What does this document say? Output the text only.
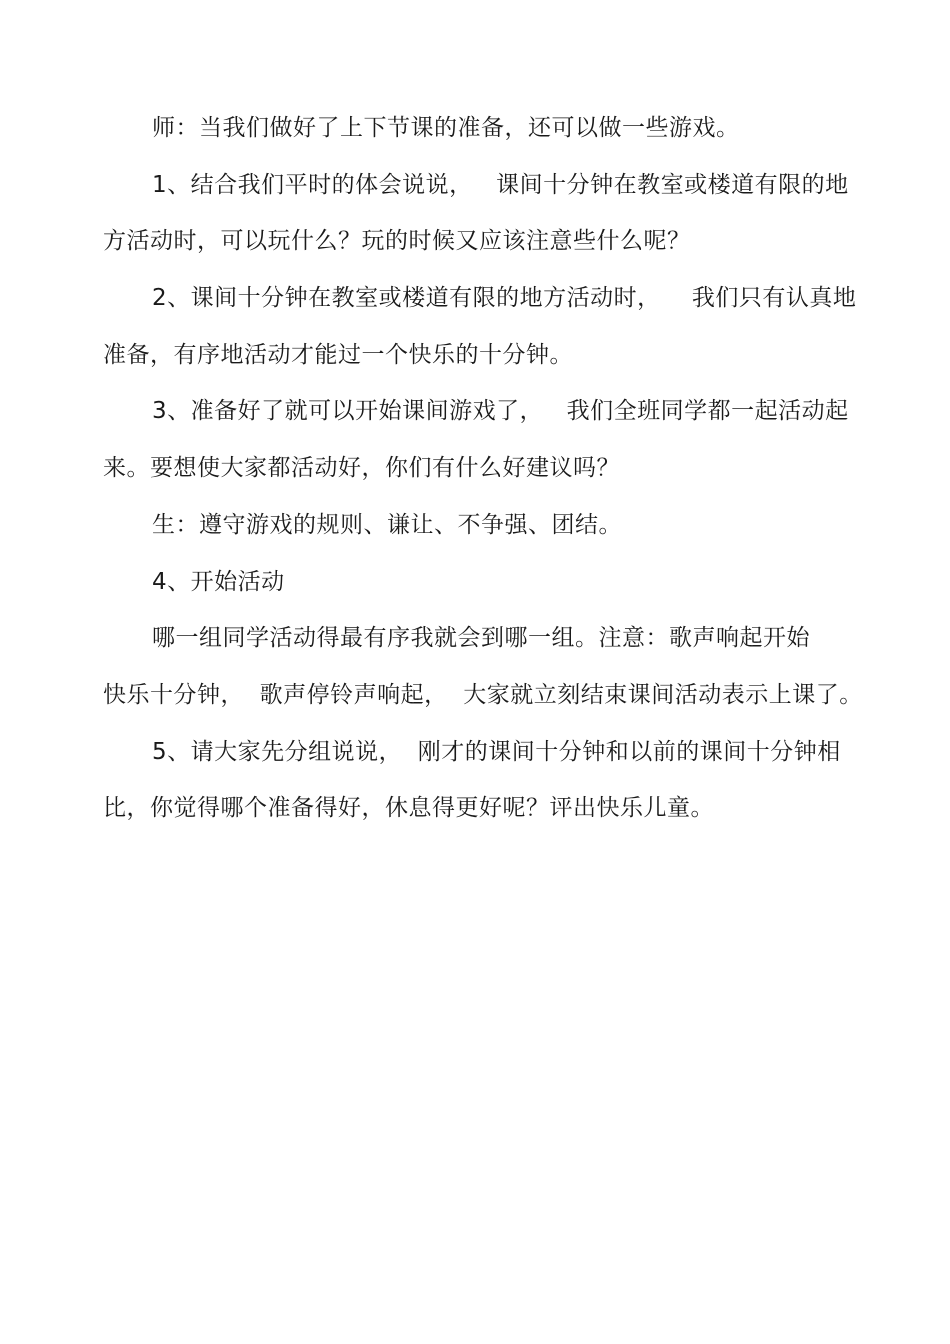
师：当我们做好了上下节课的准备，还可以做一些游戏。
1、结合我们平时的体会说说，   课间十分钟在教室或楼道有限的地
方活动时，可以玩什么？玩的时候又应该注意些什么呢？
2、课间十分钟在教室或楼道有限的地方活动时，    我们只有认真地
准备，有序地活动才能过一个快乐的十分钟。
3、准备好了就可以开始课间游戏了，   我们全班同学都一起活动起
来。要想使大家都活动好，你们有什么好建议吗？
生：遵守游戏的规则、谦让、不争强、团结。
4、开始活动
哪一组同学活动得最有序我就会到哪一组。注意：歌声响起开始
快乐十分钟，  歌声停铃声响起，  大家就立刻结束课间活动表示上课了。
5、请大家先分组说说，  刚才的课间十分钟和以前的课间十分钟相
比，你觉得哪个准备得好，休息得更好呢？评出快乐儿童。
